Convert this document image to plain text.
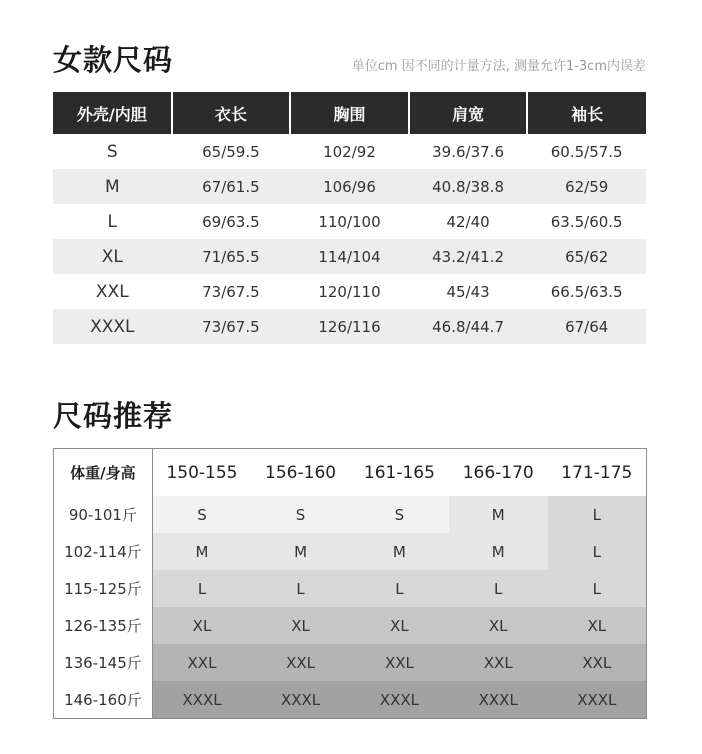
女款尺码	单位cm 因不同的计量方法, 测量允许1-3cm内误差
外壳/内胆	衣长	胸围	肩宽	袖长
S	65/59.5	102/92	39.6/37.6	60.5/57.5
M	67/61.5	106/96	40.8/38.8	62/59
L	69/63.5	110/100	42/40	63.5/60.5
XL	71/65.5	114/104	43.2/41.2	65/62
XXL	73/67.5	120/110	45/43	66.5/63.5
XXXL	73/67.5	126/116	46.8/44.7	67/64
尺码推荐
体重/身高	150-155	156-160	161-165	166-170	171-175
90-101斤	S	S	S	M	L
102-114斤	M	M	M	M	L
115-125斤	L	L	L	L	L
126-135斤	XL	XL	XL	XL	XL
136-145斤	XXL	XXL	XXL	XXL	XXL
146-160斤	XXXL	XXXL	XXXL	XXXL	XXXL
